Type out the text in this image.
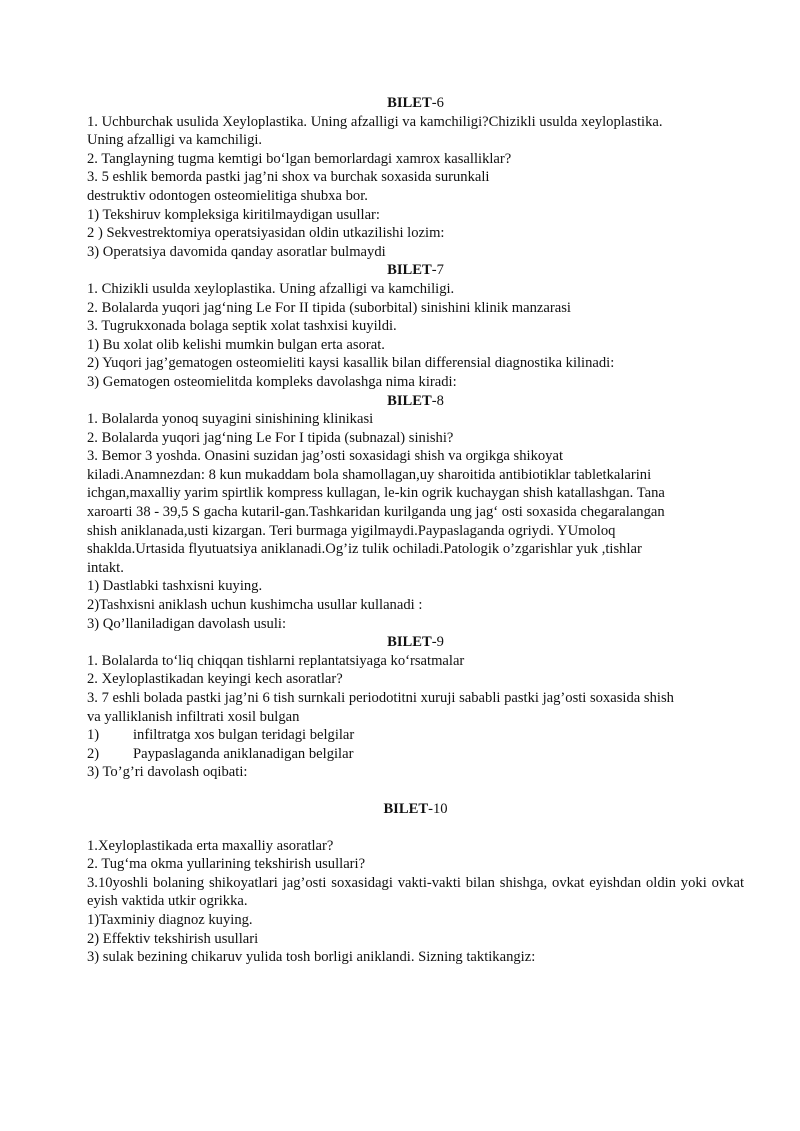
BILET-6
1. Uchburchak usulida Xeyloplastika. Uning afzalligi va kamchiligi?Chizikli usulda xeyloplastika.
Uning afzalligi va kamchiligi.
2. Tanglayning tugma kemtigi bo‘lgan bemorlardagi xamrox kasalliklar?
3. 5 eshlik bemorda pastki jag’ni shox va burchak soxasida surunkali
destruktiv odontogen osteomielitiga shubxa bor.
1) Tekshiruv kompleksiga kiritilmaydigan usullar:
2 ) Sekvestrektomiya operatsiyasidan oldin utkazilishi lozim:
3) Operatsiya davomida qanday asoratlar bulmaydi
BILET-7
1. Chizikli usulda xeyloplastika. Uning afzalligi va kamchiligi.
2. Bolalarda yuqori jag‘ning Le For II tipida (suborbital) sinishini klinik manzarasi
3. Tugrukxonada bolaga septik xolat tashxisi kuyildi.
1) Bu xolat olib kelishi mumkin bulgan erta asorat.
2) Yuqori jag’gematogen osteomieliti kaysi kasallik bilan differensial diagnostika kilinadi:
3) Gematogen osteomielitda kompleks davolashga nima kiradi:
BILET-8
1. Bolalarda yonoq suyagini sinishining klinikasi
2. Bolalarda yuqori jag‘ning Le For I tipida (subnazal) sinishi?
3. Bemor 3 yoshda. Onasini suzidan jag’osti soxasidagi shish va orgikga shikoyat
kiladi.Anamnezdan: 8 kun mukaddam bola shamollagan,uy sharoitida antibiotiklar tabletkalarini
ichgan,maxalliy yarim spirtlik kompress kullagan, le-kin ogrik kuchaygan shish katallashgan. Tana
xaroarti 38 - 39,5 S gacha kutaril-gan.Tashkaridan kurilganda ung jag‘ osti soxasida chegaralangan
shish aniklanada,usti kizargan. Teri burmaga yigilmaydi.Paypaslaganda ogriydi. YUmoloq
shaklda.Urtasida flyutuatsiya aniklanadi.Og’iz tulik ochiladi.Patologik o’zgarishlar yuk ,tishlar
intakt.
1) Dastlabki tashxisni kuying.
2)Tashxisni aniklash uchun kushimcha usullar kullanadi :
3) Qo’llaniladigan davolash usuli:
BILET-9
1. Bolalarda to‘liq chiqqan tishlarni replantatsiyaga ko‘rsatmalar
2. Xeyloplastikadan keyingi kech asoratlar?
3. 7 eshli bolada pastki jag’ni 6 tish surnkali periodotitni xuruji sababli pastki jag’osti soxasida shish
va yalliklanish infiltrati xosil bulgan
1) infiltratga xos bulgan teridagi belgilar
2) Paypaslaganda aniklanadigan belgilar
3) To’g’ri davolash oqibati:
BILET-10
1.Xeyloplastikada erta maxalliy asoratlar?
2. Tug‘ma okma yullarining tekshirish usullari?
3.10yoshli bolaning shikoyatlari jag’osti soxasidagi vakti-vakti bilan shishga, ovkat eyishdan oldin yoki ovkat eyish vaktida utkir ogrikka.
1)Taxminiy diagnoz kuying.
2) Effektiv tekshirish usullari
3) sulak bezining chikaruv yulida tosh borligi aniklandi. Sizning taktikangiz:
